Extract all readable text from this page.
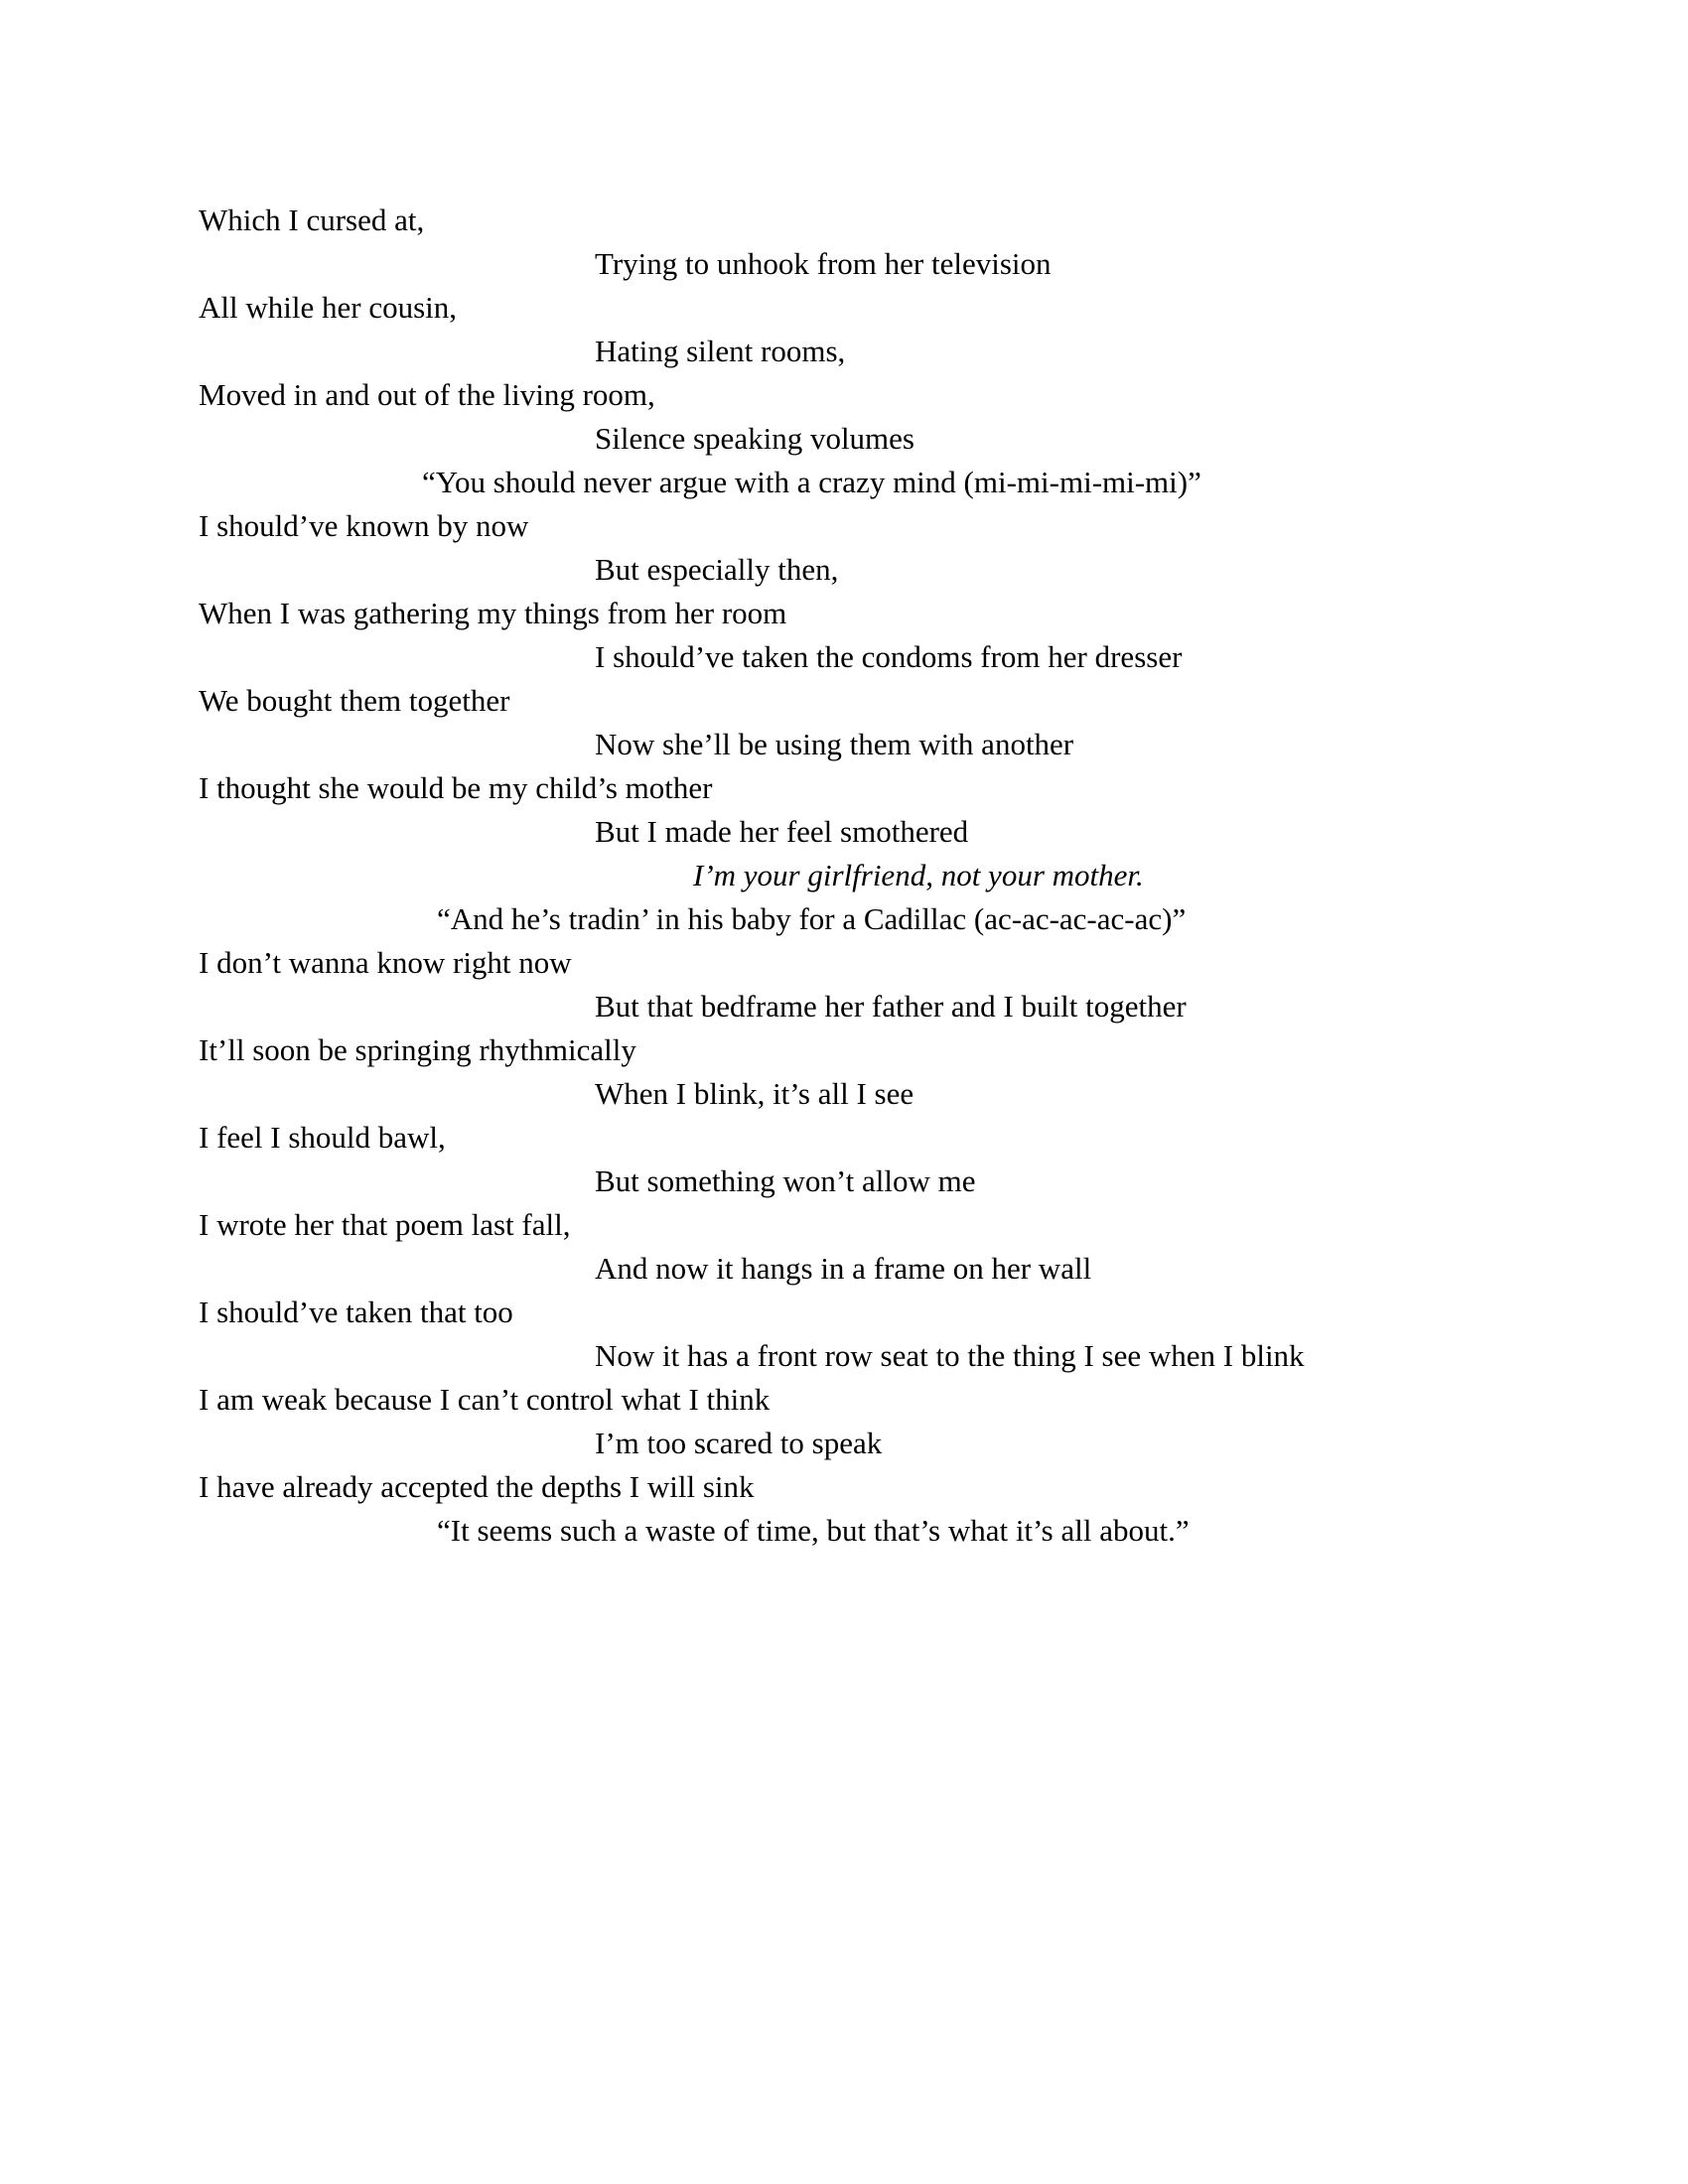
Which I cursed at,

Trying to unhook from her television

All while her cousin,

Hating silent rooms,

Moved in and out of the living room,

Silence speaking volumes

“You should never argue with a crazy mind (mi-mi-mi-mi-mi)”

I should’ve known by now

But especially then,

When I was gathering my things from her room

I should’ve taken the condoms from her dresser

We bought them together

Now she’ll be using them with another

I thought she would be my child’s mother

But I made her feel smothered

I’m your girlfriend, not your mother.

“And he’s tradin’ in his baby for a Cadillac (ac-ac-ac-ac-ac)”

I don’t wanna know right now

But that bedframe her father and I built together

It’ll soon be springing rhythmically

When I blink, it’s all I see

I feel I should bawl,

But something won’t allow me

I wrote her that poem last fall,

And now it hangs in a frame on her wall

I should’ve taken that too

Now it has a front row seat to the thing I see when I blink

I am weak because I can’t control what I think

I’m too scared to speak

I have already accepted the depths I will sink

“It seems such a waste of time, but that’s what it’s all about.”
